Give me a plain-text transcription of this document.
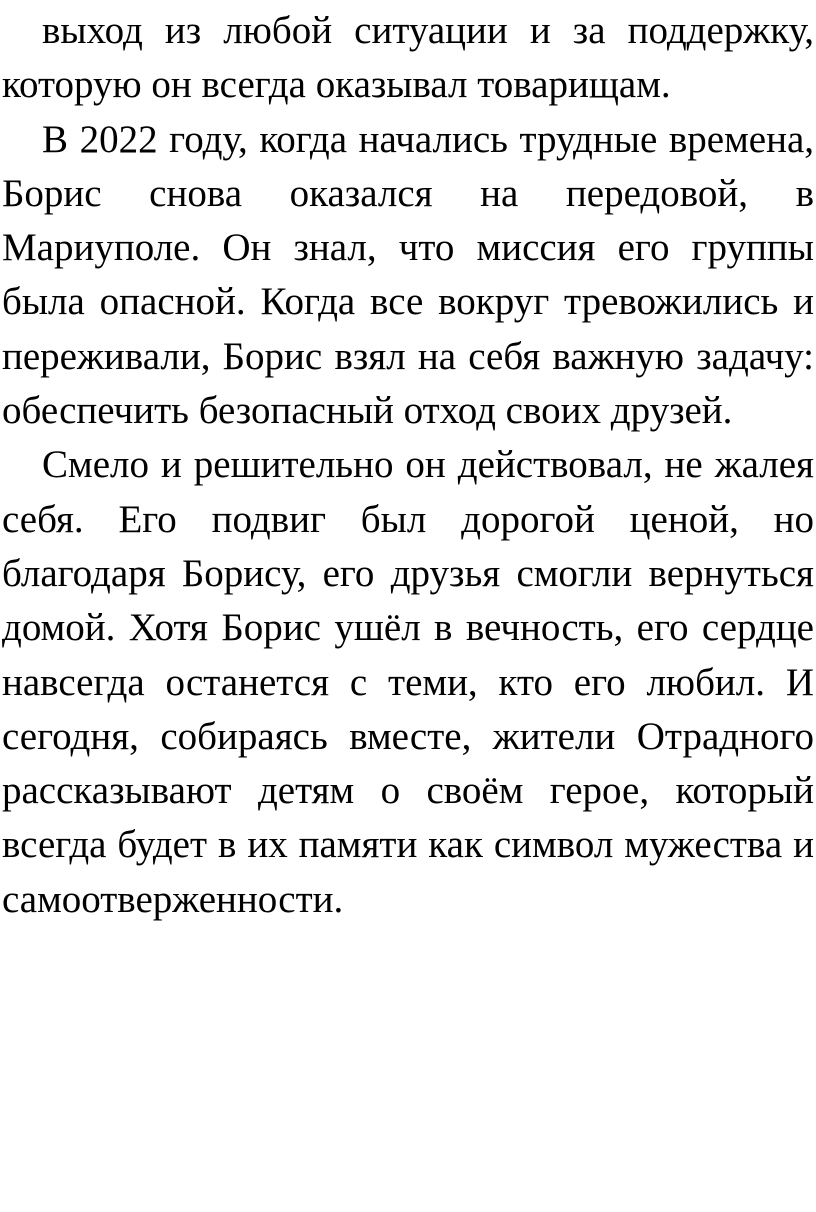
выход из любой ситуации и за поддержку, которую он всегда оказывал товарищам.

В 2022 году, когда начались трудные времена, Борис снова оказался на передовой, в Мариуполе. Он знал, что миссия его группы была опасной. Когда все вокруг тревожились и переживали, Борис взял на себя важную задачу: обеспечить безопасный отход своих друзей.

Смело и решительно он действовал, не жалея себя. Его подвиг был дорогой ценой, но благодаря Борису, его друзья смогли вернуться домой. Хотя Борис ушёл в вечность, его сердце навсегда останется с теми, кто его любил. И сегодня, собираясь вместе, жители Отрадного рассказывают детям о своём герое, который всегда будет в их памяти как символ мужества и самоотверженности.
